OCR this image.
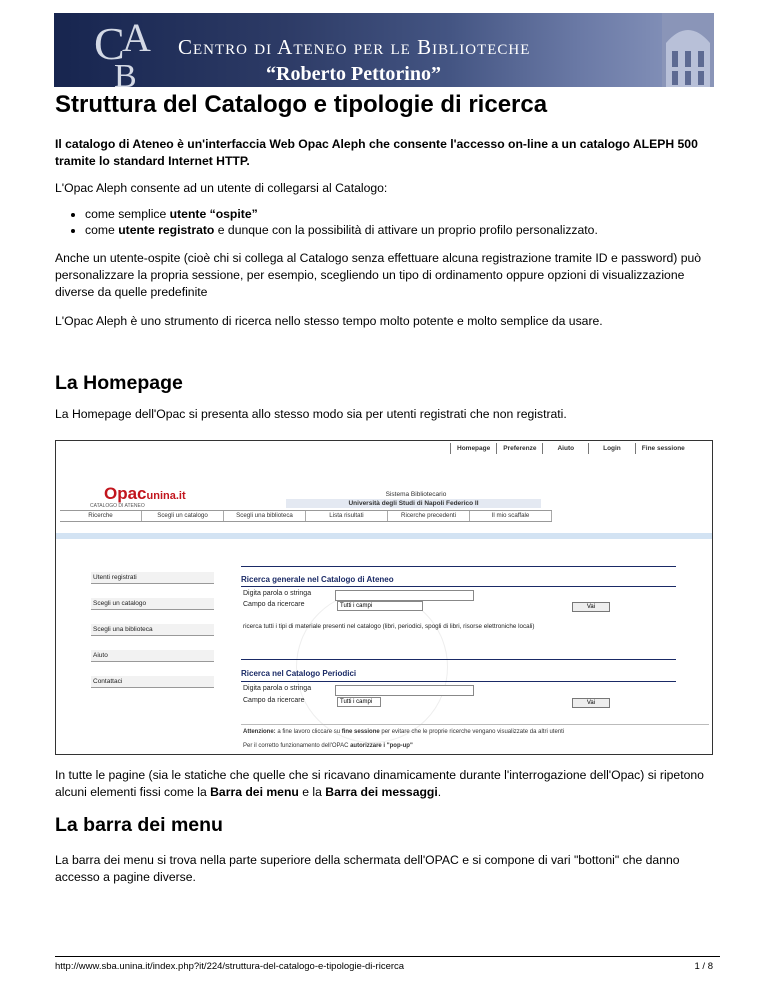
C
A
B
Centro di Ateneo per le Biblioteche
“Roberto Pettorino”
Struttura del Catalogo e tipologie di ricerca

Il catalogo di Ateneo è un'interfaccia Web Opac Aleph che consente l'accesso on-line a un catalogo ALEPH 500 tramite lo standard Internet HTTP.

L'Opac Aleph consente ad un utente di collegarsi al Catalogo:

• come semplice utente “ospite”
• come utente registrato e dunque con la possibilità di attivare un proprio profilo personalizzato.

Anche un utente-ospite (cioè chi si collega al Catalogo senza effettuare alcuna registrazione tramite ID e password) può personalizzare la propria sessione, per esempio, scegliendo un tipo di ordinamento oppure opzioni di visualizzazione diverse da quelle predefinite

L'Opac Aleph è uno strumento di ricerca nello stesso tempo molto potente e molto semplice da usare.

La Homepage

La Homepage dell'Opac si presenta allo stesso modo sia per utenti registrati che non registrati.

Homepage	Preferenze	Aiuto	Login	Fine sessione
Opacunina.it
CATALOGO DI ATENEO
Sistema Bibliotecario
Università degli Studi di Napoli Federico II
Ricerche	Scegli un catalogo	Scegli una biblioteca	Lista risultati	Ricerche precedenti	Il mio scaffale
Utenti registrati
Scegli un catalogo
Scegli una biblioteca
Aiuto
Contattaci
Ricerca generale nel Catalogo di Ateneo
Digita parola o stringa
Campo da ricercare	Tutti i campi	Vai
ricerca tutti i tipi di materiale presenti nel catalogo (libri, periodici, spogli di libri, risorse elettroniche locali)
Ricerca nel Catalogo Periodici
Digita parola o stringa
Campo da ricercare	Tutti i campi	Vai
Attenzione: a fine lavoro cliccare su fine sessione per evitare che le proprie ricerche vengano visualizzate da altri utenti
Per il corretto funzionamento dell'OPAC autorizzare i "pop-up"

In tutte le pagine (sia le statiche che quelle che si ricavano dinamicamente durante l'interrogazione dell'Opac) si ripetono alcuni elementi fissi come la Barra dei menu e la Barra dei messaggi.

La barra dei menu

La barra dei menu si trova nella parte superiore della schermata dell'OPAC e si compone di vari "bottoni" che danno accesso a pagine diverse.

http://www.sba.unina.it/index.php?it/224/struttura-del-catalogo-e-tipologie-di-ricerca	1 / 8
